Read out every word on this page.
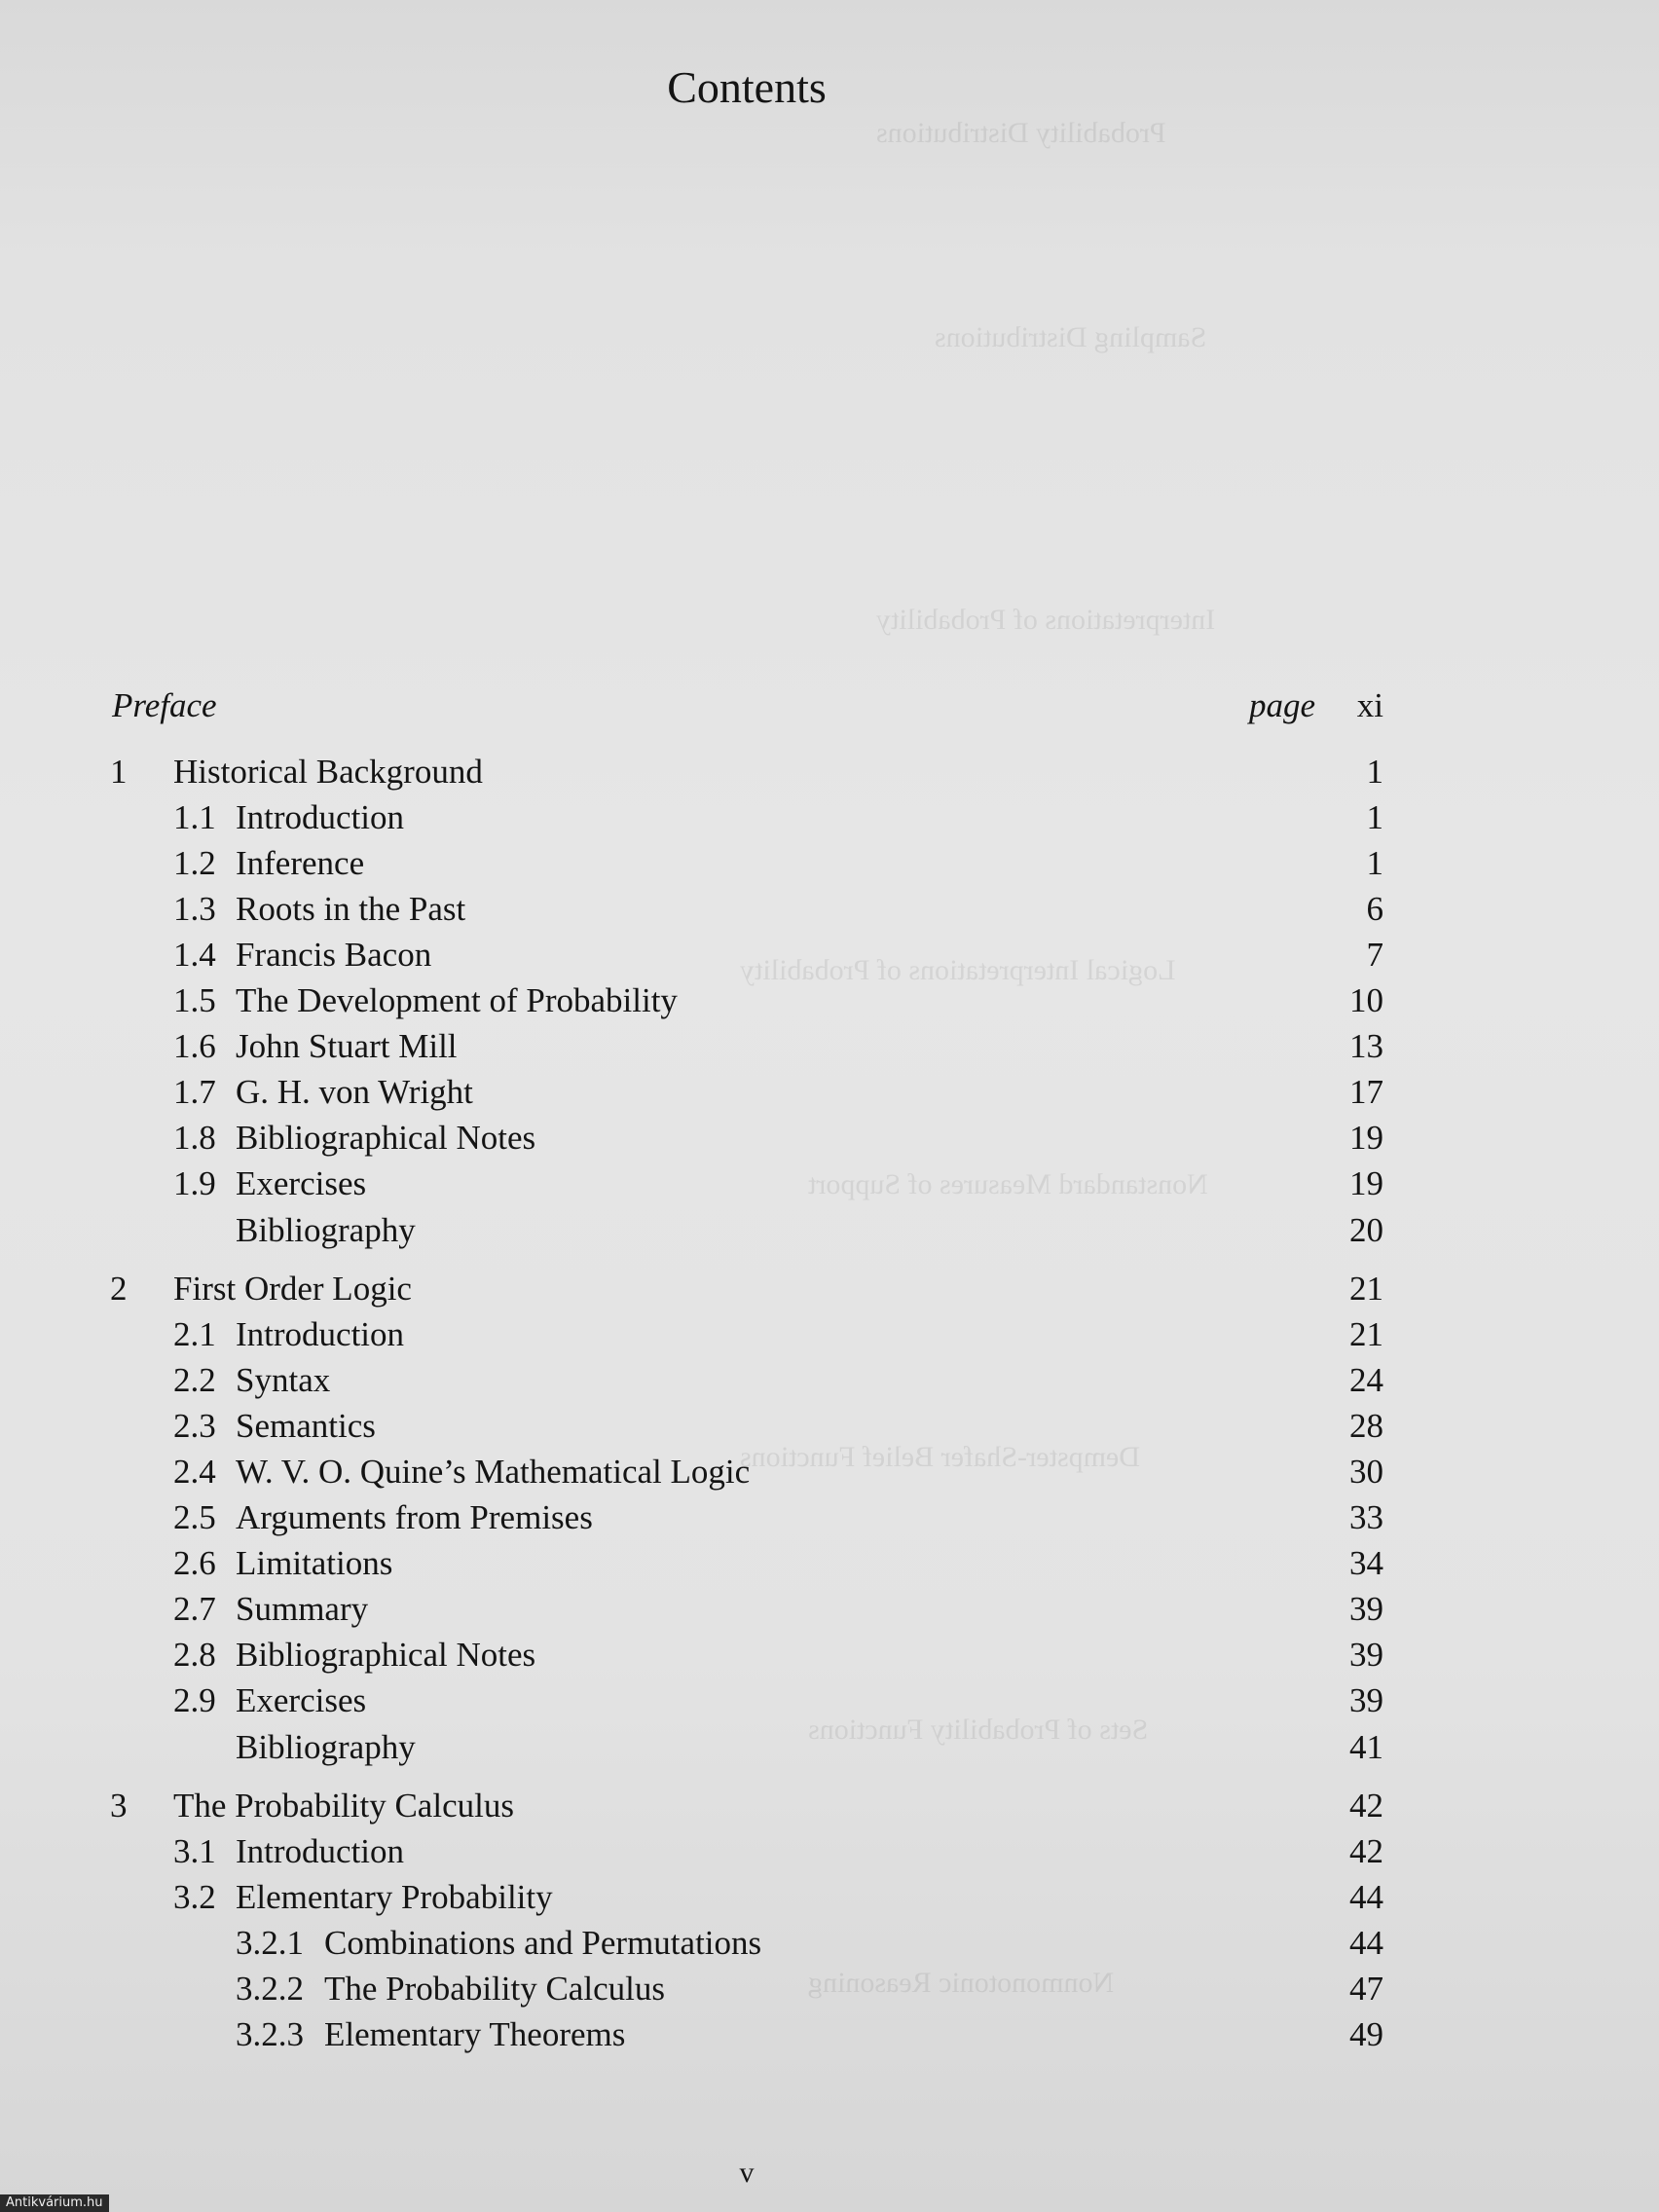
Probability Distributions
Sampling Distributions
Interpretations of Probability
Logical Interpretations of Probability
Nonstandard Measures of Support
Dempster-Shafer Belief Functions
Sets of Probability Functions
Nonmonotonic Reasoning
Contents
Preface	page xi
1 Historical Background	1
1.1 Introduction	1
1.2 Inference	1
1.3 Roots in the Past	6
1.4 Francis Bacon	7
1.5 The Development of Probability	10
1.6 John Stuart Mill	13
1.7 G. H. von Wright	17
1.8 Bibliographical Notes	19
1.9 Exercises	19
Bibliography	20
2 First Order Logic	21
2.1 Introduction	21
2.2 Syntax	24
2.3 Semantics	28
2.4 W. V. O. Quine’s Mathematical Logic	30
2.5 Arguments from Premises	33
2.6 Limitations	34
2.7 Summary	39
2.8 Bibliographical Notes	39
2.9 Exercises	39
Bibliography	41
3 The Probability Calculus	42
3.1 Introduction	42
3.2 Elementary Probability	44
3.2.1 Combinations and Permutations	44
3.2.2 The Probability Calculus	47
3.2.3 Elementary Theorems	49
v
Antikvárium.hu
